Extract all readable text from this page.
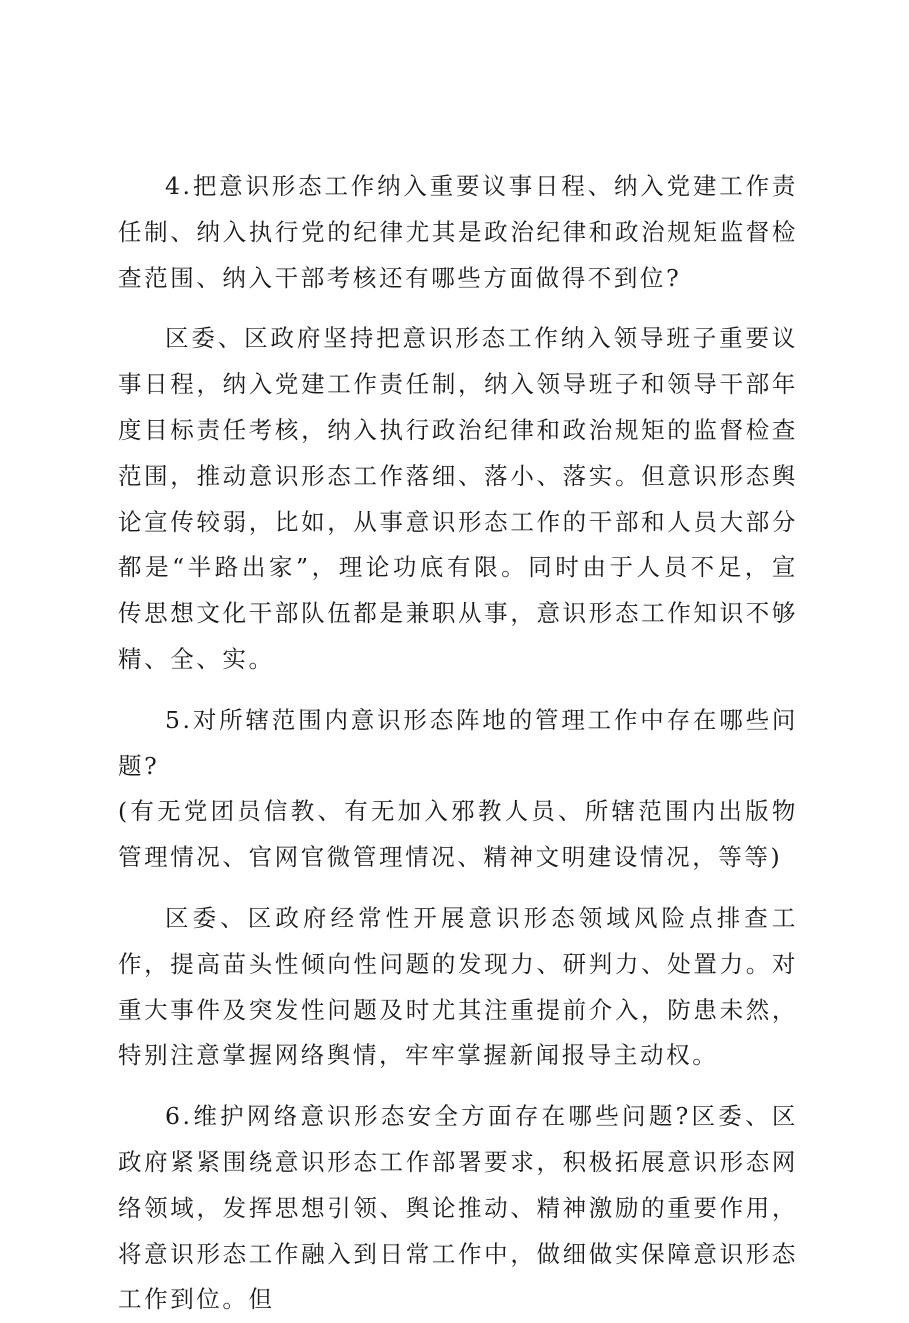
4.把意识形态工作纳入重要议事日程、纳入党建工作责任制、纳入执行党的纪律尤其是政治纪律和政治规矩监督检查范围、纳入干部考核还有哪些方面做得不到位?

区委、区政府坚持把意识形态工作纳入领导班子重要议事日程，纳入党建工作责任制，纳入领导班子和领导干部年度目标责任考核，纳入执行政治纪律和政治规矩的监督检查范围，推动意识形态工作落细、落小、落实。但意识形态舆论宣传较弱，比如，从事意识形态工作的干部和人员大部分都是“半路出家”，理论功底有限。同时由于人员不足，宣传思想文化干部队伍都是兼职从事，意识形态工作知识不够精、全、实。

5.对所辖范围内意识形态阵地的管理工作中存在哪些问题?

(有无党团员信教、有无加入邪教人员、所辖范围内出版物管理情况、官网官微管理情况、精神文明建设情况，等等)

区委、区政府经常性开展意识形态领域风险点排查工作，提高苗头性倾向性问题的发现力、研判力、处置力。对重大事件及突发性问题及时尤其注重提前介入，防患未然，特别注意掌握网络舆情，牢牢掌握新闻报导主动权。

6.维护网络意识形态安全方面存在哪些问题?区委、区政府紧紧围绕意识形态工作部署要求，积极拓展意识形态网络领域，发挥思想引领、舆论推动、精神激励的重要作用，将意识形态工作融入到日常工作中，做细做实保障意识形态工作到位。但
